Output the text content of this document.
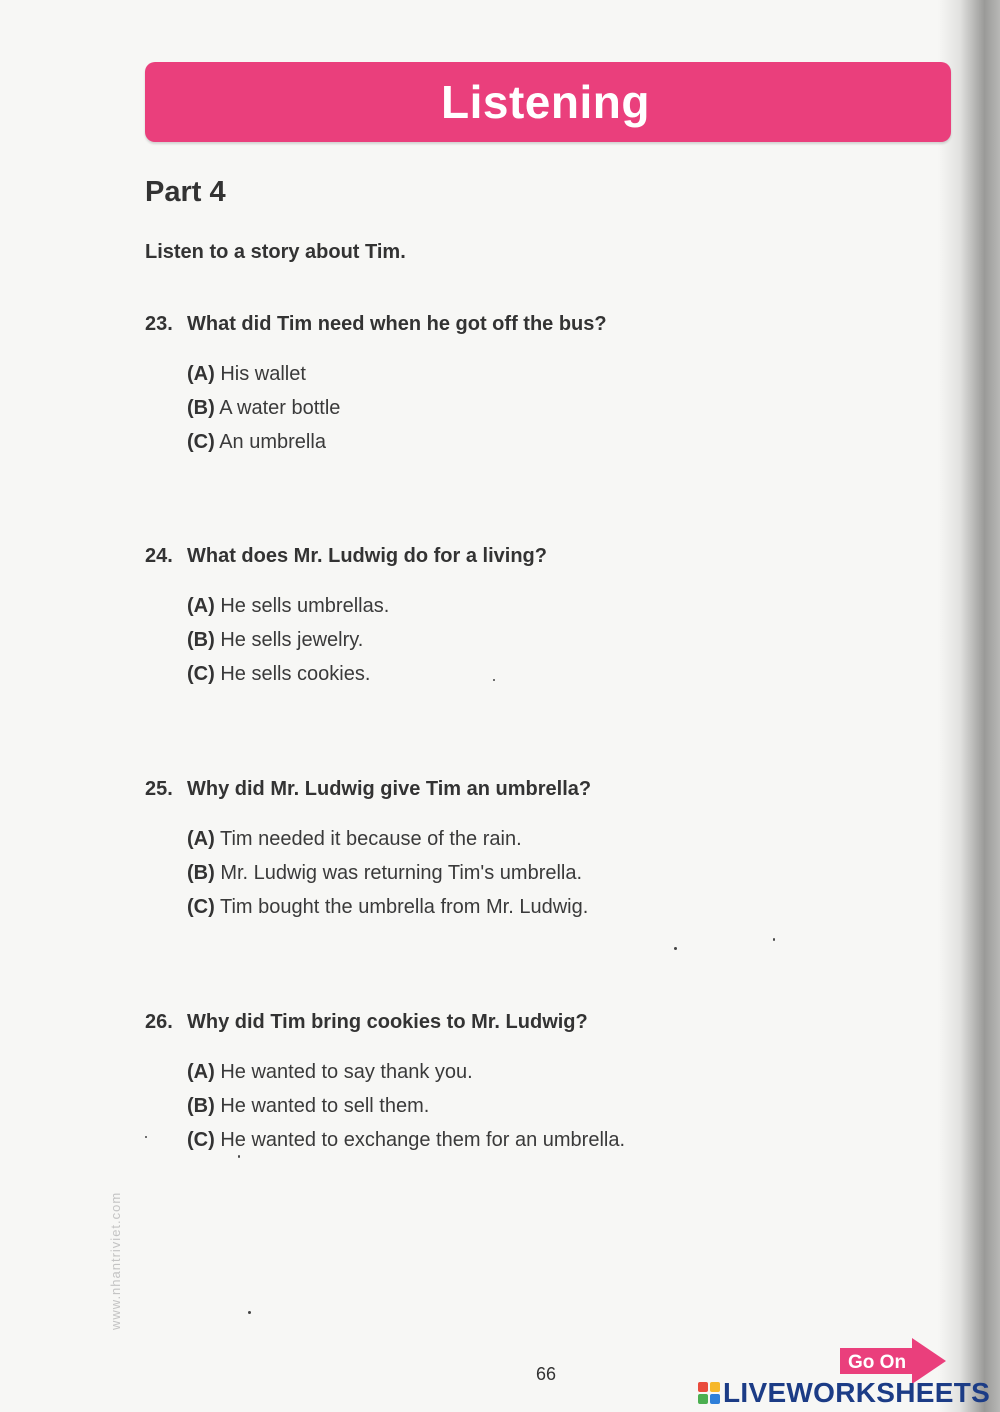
Listening
Part 4
Listen to a story about Tim.

23. What did Tim need when he got off the bus?

(A) His wallet
(B) A water bottle
(C) An umbrella

24. What does Mr. Ludwig do for a living?

(A) He sells umbrellas.
(B) He sells jewelry.
(C) He sells cookies.

25. Why did Mr. Ludwig give Tim an umbrella?

(A) Tim needed it because of the rain.
(B) Mr. Ludwig was returning Tim's umbrella.
(C) Tim bought the umbrella from Mr. Ludwig.

26. Why did Tim bring cookies to Mr. Ludwig?

(A) He wanted to say thank you.
(B) He wanted to sell them.
(C) He wanted to exchange them for an umbrella.
www.nhantriviet.com
66
Go On
LIVEWORKSHEETS
